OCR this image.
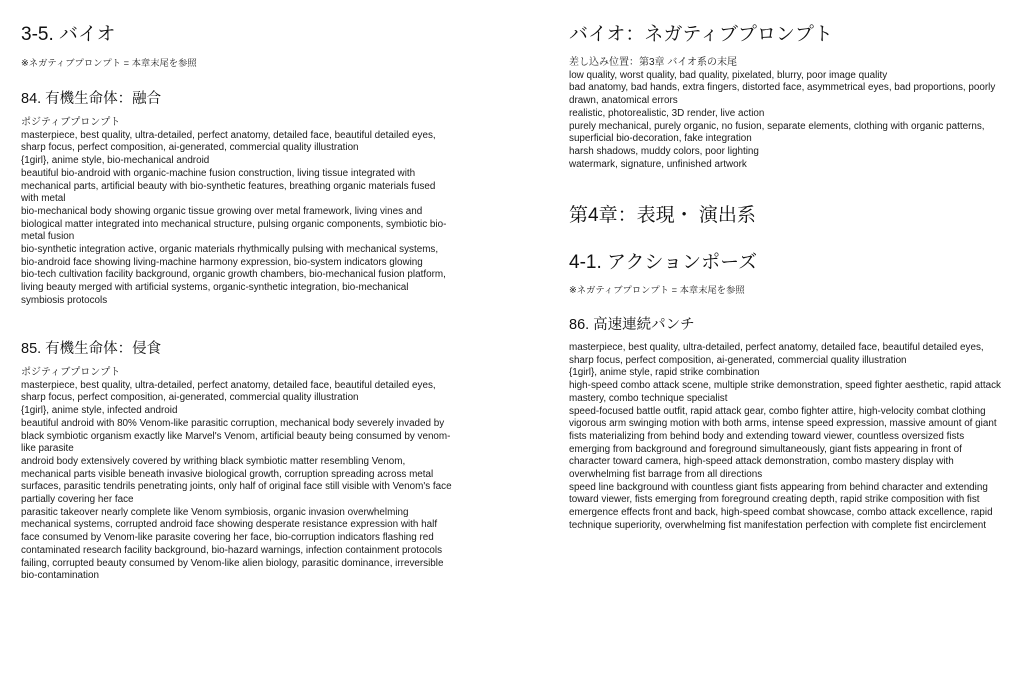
3-5. バイオ

※ネガティブプロンプト = 本章末尾を参照

84. 有機生命体：融合

ポジティブプロンプト

masterpiece, best quality, ultra-detailed, perfect anatomy, detailed face, beautiful detailed eyes,
sharp focus, perfect composition, ai-generated, commercial quality illustration
{1girl}, anime style, bio-mechanical android
beautiful bio-android with organic-machine fusion construction, living tissue integrated with
mechanical parts, artificial beauty with bio-synthetic features, breathing organic materials fused
with metal
bio-mechanical body showing organic tissue growing over metal framework, living vines and
biological matter integrated into mechanical structure, pulsing organic components, symbiotic bio-
metal fusion
bio-synthetic integration active, organic materials rhythmically pulsing with mechanical systems,
bio-android face showing living-machine harmony expression, bio-system indicators glowing
bio-tech cultivation facility background, organic growth chambers, bio-mechanical fusion platform,
living beauty merged with artificial systems, organic-synthetic integration, bio-mechanical
symbiosis protocols

85. 有機生命体：侵食

ポジティブプロンプト

masterpiece, best quality, ultra-detailed, perfect anatomy, detailed face, beautiful detailed eyes,
sharp focus, perfect composition, ai-generated, commercial quality illustration
{1girl}, anime style, infected android
beautiful android with 80% Venom-like parasitic corruption, mechanical body severely invaded by
black symbiotic organism exactly like Marvel's Venom, artificial beauty being consumed by venom-
like parasite
android body extensively covered by writhing black symbiotic matter resembling Venom,
mechanical parts visible beneath invasive biological growth, corruption spreading across metal
surfaces, parasitic tendrils penetrating joints, only half of original face still visible with Venom's face
partially covering her face
parasitic takeover nearly complete like Venom symbiosis, organic invasion overwhelming
mechanical systems, corrupted android face showing desperate resistance expression with half
face consumed by Venom-like parasite covering her face, bio-corruption indicators flashing red
contaminated research facility background, bio-hazard warnings, infection containment protocols
failing, corrupted beauty consumed by Venom-like alien biology, parasitic dominance, irreversible
bio-contamination

バイオ：ネガティブプロンプト

差し込み位置：第3章 バイオ系の末尾

low quality, worst quality, bad quality, pixelated, blurry, poor image quality
bad anatomy, bad hands, extra fingers, distorted face, asymmetrical eyes, bad proportions, poorly
drawn, anatomical errors
realistic, photorealistic, 3D render, live action
purely mechanical, purely organic, no fusion, separate elements, clothing with organic patterns,
superficial bio-decoration, fake integration
harsh shadows, muddy colors, poor lighting
watermark, signature, unfinished artwork

第4章：表現・ 演出系
4-1. アクションポーズ

※ネガティブプロンプト = 本章末尾を参照

86. 高速連続パンチ

masterpiece, best quality, ultra-detailed, perfect anatomy, detailed face, beautiful detailed eyes,
sharp focus, perfect composition, ai-generated, commercial quality illustration
{1girl}, anime style, rapid strike combination
high-speed combo attack scene, multiple strike demonstration, speed fighter aesthetic, rapid attack
mastery, combo technique specialist
speed-focused battle outfit, rapid attack gear, combo fighter attire, high-velocity combat clothing
vigorous arm swinging motion with both arms, intense speed expression, massive amount of giant
fists materializing from behind body and extending toward viewer, countless oversized fists
emerging from background and foreground simultaneously, giant fists appearing in front of
character toward camera, high-speed attack demonstration, combo mastery display with
overwhelming fist barrage from all directions
speed line background with countless giant fists appearing from behind character and extending
toward viewer, fists emerging from foreground creating depth, rapid strike composition with fist
emergence effects front and back, high-speed combat showcase, combo attack excellence, rapid
technique superiority, overwhelming fist manifestation perfection with complete fist encirclement
